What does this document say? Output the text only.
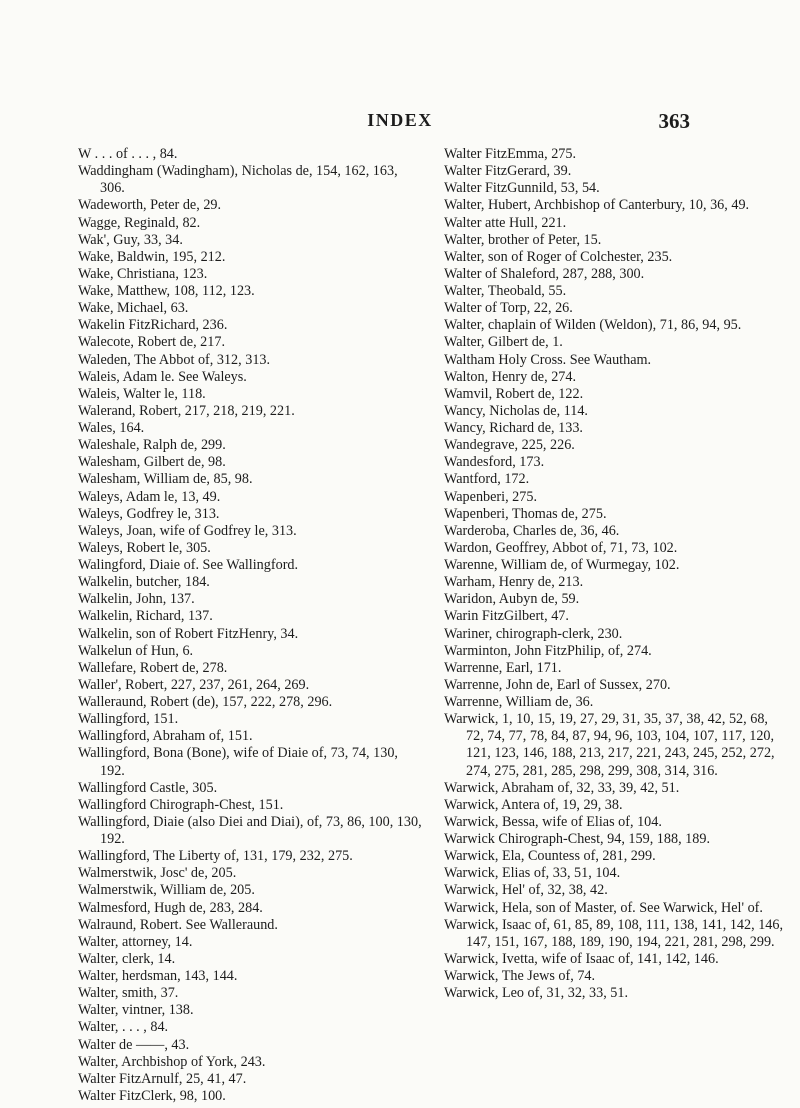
INDEX	363

W . . . of . . . , 84.

Waddingham (Wadingham), Nicholas de, 154, 162, 163, 306.

Wadeworth, Peter de, 29.

Wagge, Reginald, 82.

Wak', Guy, 33, 34.

Wake, Baldwin, 195, 212.

Wake, Christiana, 123.

Wake, Matthew, 108, 112, 123.

Wake, Michael, 63.

Wakelin FitzRichard, 236.

Walecote, Robert de, 217.

Waleden, The Abbot of, 312, 313.

Waleis, Adam le. See Waleys.

Waleis, Walter le, 118.

Walerand, Robert, 217, 218, 219, 221.

Wales, 164.

Waleshale, Ralph de, 299.

Walesham, Gilbert de, 98.

Walesham, William de, 85, 98.

Waleys, Adam le, 13, 49.

Waleys, Godfrey le, 313.

Waleys, Joan, wife of Godfrey le, 313.

Waleys, Robert le, 305.

Walingford, Diaie of. See Wallingford.

Walkelin, butcher, 184.

Walkelin, John, 137.

Walkelin, Richard, 137.

Walkelin, son of Robert FitzHenry, 34.

Walkelun of Hun, 6.

Wallefare, Robert de, 278.

Waller', Robert, 227, 237, 261, 264, 269.

Walleraund, Robert (de), 157, 222, 278, 296.

Wallingford, 151.

Wallingford, Abraham of, 151.

Wallingford, Bona (Bone), wife of Diaie of, 73, 74, 130, 192.

Wallingford Castle, 305.

Wallingford Chirograph-Chest, 151.

Wallingford, Diaie (also Diei and Diai), of, 73, 86, 100, 130, 192.

Wallingford, The Liberty of, 131, 179, 232, 275.

Walmerstwik, Josc' de, 205.

Walmerstwik, William de, 205.

Walmesford, Hugh de, 283, 284.

Walraund, Robert. See Walleraund.

Walter, attorney, 14.

Walter, clerk, 14.

Walter, herdsman, 143, 144.

Walter, smith, 37.

Walter, vintner, 138.

Walter, . . . , 84.

Walter de ——, 43.

Walter, Archbishop of York, 243.

Walter FitzArnulf, 25, 41, 47.

Walter FitzClerk, 98, 100.

Walter FitzEmma, 275.

Walter FitzGerard, 39.

Walter FitzGunnild, 53, 54.

Walter, Hubert, Archbishop of Canterbury, 10, 36, 49.

Walter atte Hull, 221.

Walter, brother of Peter, 15.

Walter, son of Roger of Colchester, 235.

Walter of Shaleford, 287, 288, 300.

Walter, Theobald, 55.

Walter of Torp, 22, 26.

Walter, chaplain of Wilden (Weldon), 71, 86, 94, 95.

Walter, Gilbert de, 1.

Waltham Holy Cross. See Wautham.

Walton, Henry de, 274.

Wamvil, Robert de, 122.

Wancy, Nicholas de, 114.

Wancy, Richard de, 133.

Wandegrave, 225, 226.

Wandesford, 173.

Wantford, 172.

Wapenberi, 275.

Wapenberi, Thomas de, 275.

Warderoba, Charles de, 36, 46.

Wardon, Geoffrey, Abbot of, 71, 73, 102.

Warenne, William de, of Wurmegay, 102.

Warham, Henry de, 213.

Waridon, Aubyn de, 59.

Warin FitzGilbert, 47.

Wariner, chirograph-clerk, 230.

Warminton, John FitzPhilip, of, 274.

Warrenne, Earl, 171.

Warrenne, John de, Earl of Sussex, 270.

Warrenne, William de, 36.

Warwick, 1, 10, 15, 19, 27, 29, 31, 35, 37, 38, 42, 52, 68, 72, 74, 77, 78, 84, 87, 94, 96, 103, 104, 107, 117, 120, 121, 123, 146, 188, 213, 217, 221, 243, 245, 252, 272, 274, 275, 281, 285, 298, 299, 308, 314, 316.

Warwick, Abraham of, 32, 33, 39, 42, 51.

Warwick, Antera of, 19, 29, 38.

Warwick, Bessa, wife of Elias of, 104.

Warwick Chirograph-Chest, 94, 159, 188, 189.

Warwick, Ela, Countess of, 281, 299.

Warwick, Elias of, 33, 51, 104.

Warwick, Hel' of, 32, 38, 42.

Warwick, Hela, son of Master, of. See Warwick, Hel' of.

Warwick, Isaac of, 61, 85, 89, 108, 111, 138, 141, 142, 146, 147, 151, 167, 188, 189, 190, 194, 221, 281, 298, 299.

Warwick, Ivetta, wife of Isaac of, 141, 142, 146.

Warwick, The Jews of, 74.

Warwick, Leo of, 31, 32, 33, 51.
